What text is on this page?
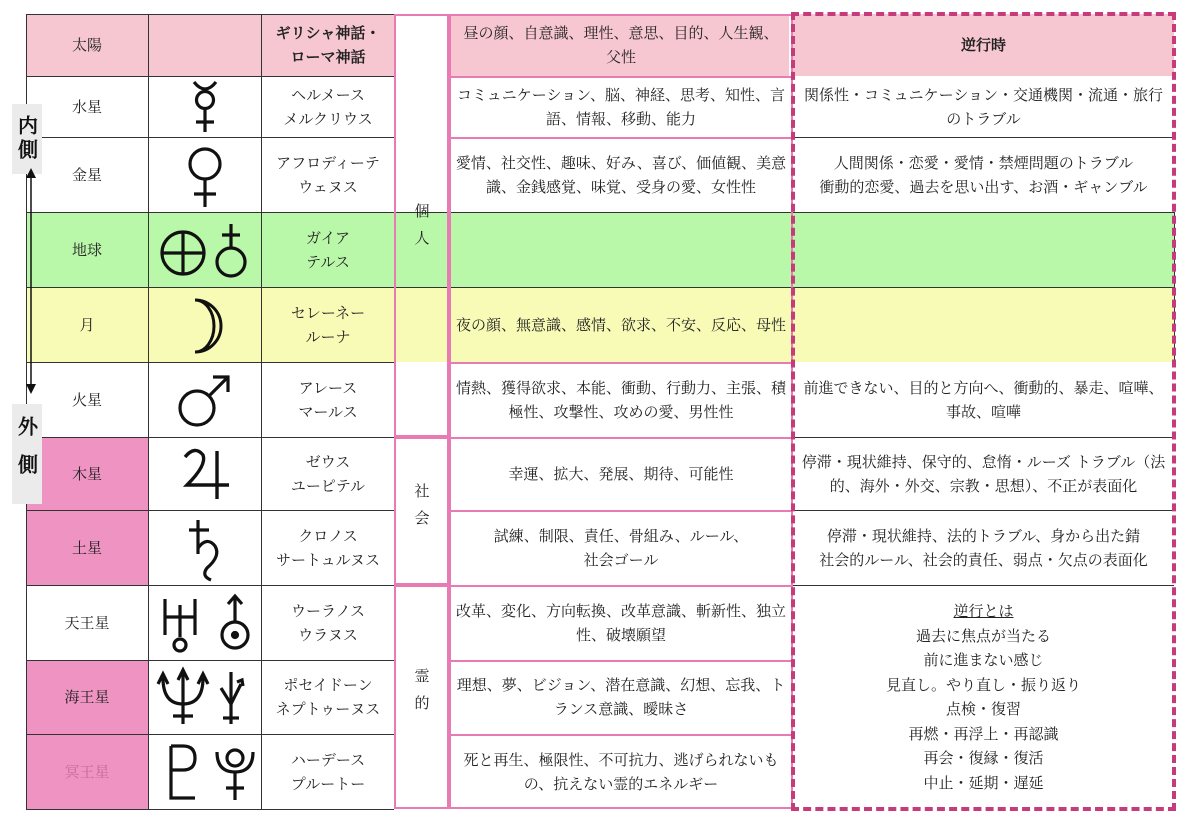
太陽
ギリシャ神話・
ローマ神話
昼の顔、自意識、理性、意思、目的、人生観、父性
逆行時
内側
外側
個人
社会
霊的
水星
ヘルメース
メルクリウス
コミュニケーション、脳、神経、思考、知性、言語、情報、移動、能力
関係性・コミュニケーション・交通機関・流通・旅行のトラブル
金星
アフロディーテ
ウェヌス
愛情、社交性、趣味、好み、喜び、価値観、美意識、金銭感覚、味覚、受身の愛、女性性
人間関係・恋愛・愛情・禁煙問題のトラブル
衝動的恋愛、過去を思い出す、お酒・ギャンブル
地球
ガイア
テルス
月
セレーネー
ルーナ
夜の顔、無意識、感情、欲求、不安、反応、母性
火星
アレース
マールス
情熱、獲得欲求、本能、衝動、行動力、主張、積極性、攻撃性、攻めの愛、男性性
前進できない、目的と方向へ、衝動的、暴走、喧嘩、事故、喧嘩
木星
ゼウス
ユーピテル
幸運、拡大、発展、期待、可能性
停滞・現状維持、保守的、怠惰・ルーズ トラブル（法的、海外・外交、宗教・思想）、不正が表面化
土星
クロノス
サートュルヌス
試練、制限、責任、骨組み、ルール、
社会ゴール
停滞・現状維持、法的トラブル、身から出た錆
社会的ルール、社会的責任、弱点・欠点の表面化
天王星
ウーラノス
ウラヌス
改革、変化、方向転換、改革意識、斬新性、独立性、破壊願望
海王星
ポセイドーン
ネプトゥーヌス
理想、夢、ビジョン、潜在意識、幻想、忘我、トランス意識、曖昧さ
冥王星
ハーデース
プルートー
死と再生、極限性、不可抗力、逃げられないもの、抗えない霊的エネルギー
逆行とは
過去に焦点が当たる
前に進まない感じ
見直し。やり直し・振り返り
点検・復習
再燃・再浮上・再認識
再会・復縁・復活
中止・延期・遅延
